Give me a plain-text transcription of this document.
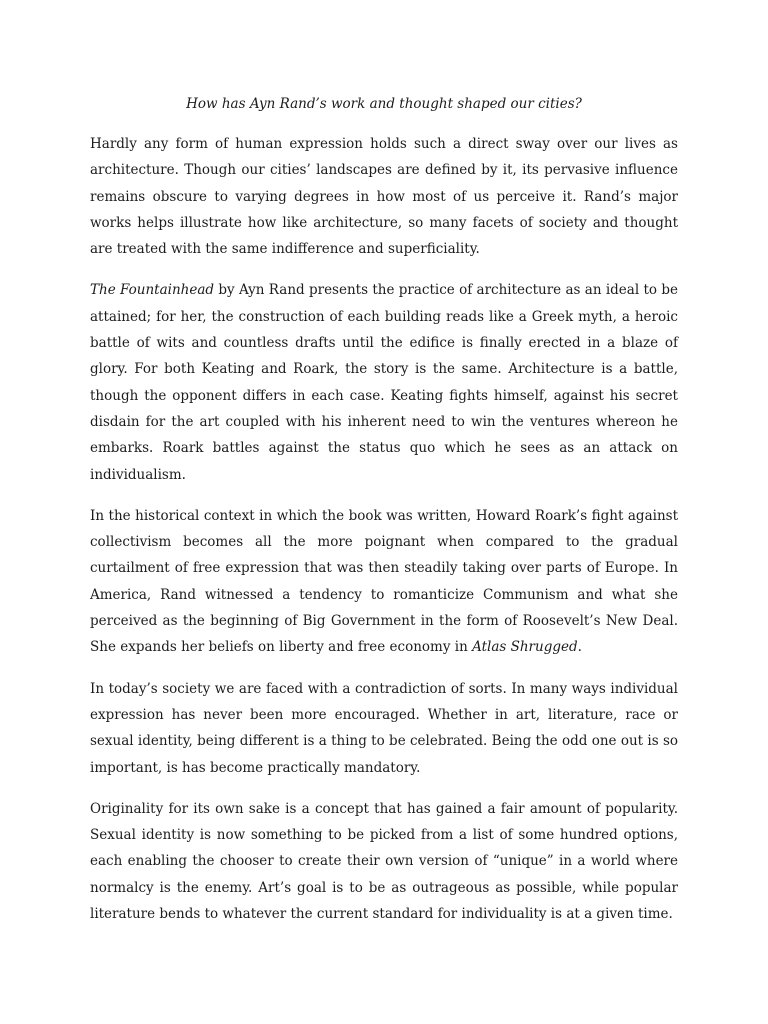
How has Ayn Rand’s work and thought shaped our cities?

Hardly any form of human expression holds such a direct sway over our lives as architecture. Though our cities’ landscapes are defined by it, its pervasive influence remains obscure to varying degrees in how most of us perceive it. Rand’s major works helps illustrate how like architecture, so many facets of society and thought are treated with the same indifference and superficiality.

The Fountainhead by Ayn Rand presents the practice of architecture as an ideal to be attained; for her, the construction of each building reads like a Greek myth, a heroic battle of wits and countless drafts until the edifice is finally erected in a blaze of glory. For both Keating and Roark, the story is the same. Architecture is a battle, though the opponent differs in each case. Keating fights himself, against his secret disdain for the art coupled with his inherent need to win the ventures whereon he embarks. Roark battles against the status quo which he sees as an attack on individualism.

In the historical context in which the book was written, Howard Roark’s fight against collectivism becomes all the more poignant when compared to the gradual curtailment of free expression that was then steadily taking over parts of Europe. In America, Rand witnessed a tendency to romanticize Communism and what she perceived as the beginning of Big Government in the form of Roosevelt’s New Deal. She expands her beliefs on liberty and free economy in Atlas Shrugged.

In today’s society we are faced with a contradiction of sorts. In many ways individual expression has never been more encouraged. Whether in art, literature, race or sexual identity, being different is a thing to be celebrated. Being the odd one out is so important, is has become practically mandatory.

Originality for its own sake is a concept that has gained a fair amount of popularity. Sexual identity is now something to be picked from a list of some hundred options, each enabling the chooser to create their own version of “unique” in a world where normalcy is the enemy. Art’s goal is to be as outrageous as possible, while popular literature bends to whatever the current standard for individuality is at a given time.
